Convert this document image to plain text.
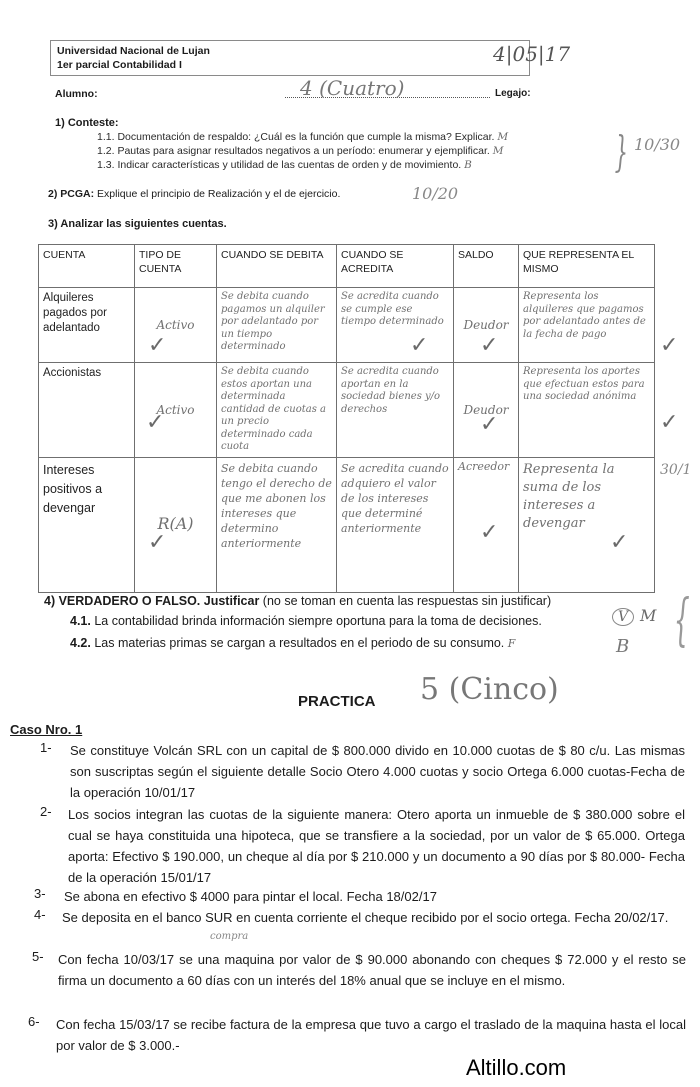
Universidad Nacional de Lujan
1er parcial Contabilidad I	4|05|17
Alumno:	4 (Cuatro)	Legajo:
1) Conteste:
1.1. Documentación de respaldo: ¿Cuál es la función que cumple la misma? Explicar. M
1.2. Pautas para asignar resultados negativos a un período: enumerar y ejemplificar. M
1.3. Indicar características y utilidad de las cuentas de orden y de movimiento. B	} 10/30
2) PCGA: Explique el principio de Realización y el de ejercicio.	10/20
3) Analizar las siguientes cuentas.
CUENTA	TIPO DE CUENTA	CUANDO SE DEBITA	CUANDO SE ACREDITA	SALDO	QUE REPRESENTA EL MISMO
Alquileres pagados por adelantado	Activo	Se debita cuando pagamos un alquiler por adelantado por un tiempo determinado	Se acredita cuando se cumple ese tiempo determinado	Deudor	Representa los alquileres que pagamos por adelantado antes de la fecha de pago
Accionistas	Activo	Se debita cuando estos aportan una determinada cantidad de cuotas a un precio determinado cada cuota	Se acredita cuando aportan en la sociedad bienes y/o derechos	Deudor	Representa los aportes que efectuan estos para una sociedad anónima
Intereses positivos a devengar	R(A)	Se debita cuando tengo el derecho de que me abonen los intereses que determino anteriormente	Se acredita cuando adquiero el valor de los intereses que determiné anteriormente	Acreedor	Representa la suma de los intereses a devengar
✓	✓ ✓	✓
✓	✓	✓
✓	✓	✓
30/1
4) VERDADERO O FALSO. Justificar (no se toman en cuenta las respuestas sin justificar)
4.1. La contabilidad brinda información siempre oportuna para la toma de decisiones.	V M
4.2. Las materias primas se cargan a resultados en el periodo de su consumo. F	B {
PRACTICA 5 (Cinco)
Caso Nro. 1
1- Se constituye Volcán SRL con un capital de $ 800.000 divido en 10.000 cuotas de $ 80 c/u. Las mismas son suscriptas según el siguiente detalle Socio Otero 4.000 cuotas y socio Ortega 6.000 cuotas-Fecha de la operación 10/01/17
2- Los socios integran las cuotas de la siguiente manera: Otero aporta un inmueble de $ 380.000 sobre el cual se haya constituida una hipoteca, que se transfiere a la sociedad, por un valor de $ 65.000. Ortega aporta: Efectivo $ 190.000, un cheque al día por $ 210.000 y un documento a 90 días por $ 80.000- Fecha de la operación 15/01/17
3- Se abona en efectivo $ 4000 para pintar el local. Fecha 18/02/17
4- Se deposita en el banco SUR en cuenta corriente el cheque recibido por el socio ortega. Fecha 20/02/17.
compra
5- Con fecha 10/03/17 se una maquina por valor de $ 90.000 abonando con cheques $ 72.000 y el resto se firma un documento a 60 días con un interés del 18% anual que se incluye en el mismo.
6- Con fecha 15/03/17 se recibe factura de la empresa que tuvo a cargo el traslado de la maquina hasta el local por valor de $ 3.000.-
Altillo.com
